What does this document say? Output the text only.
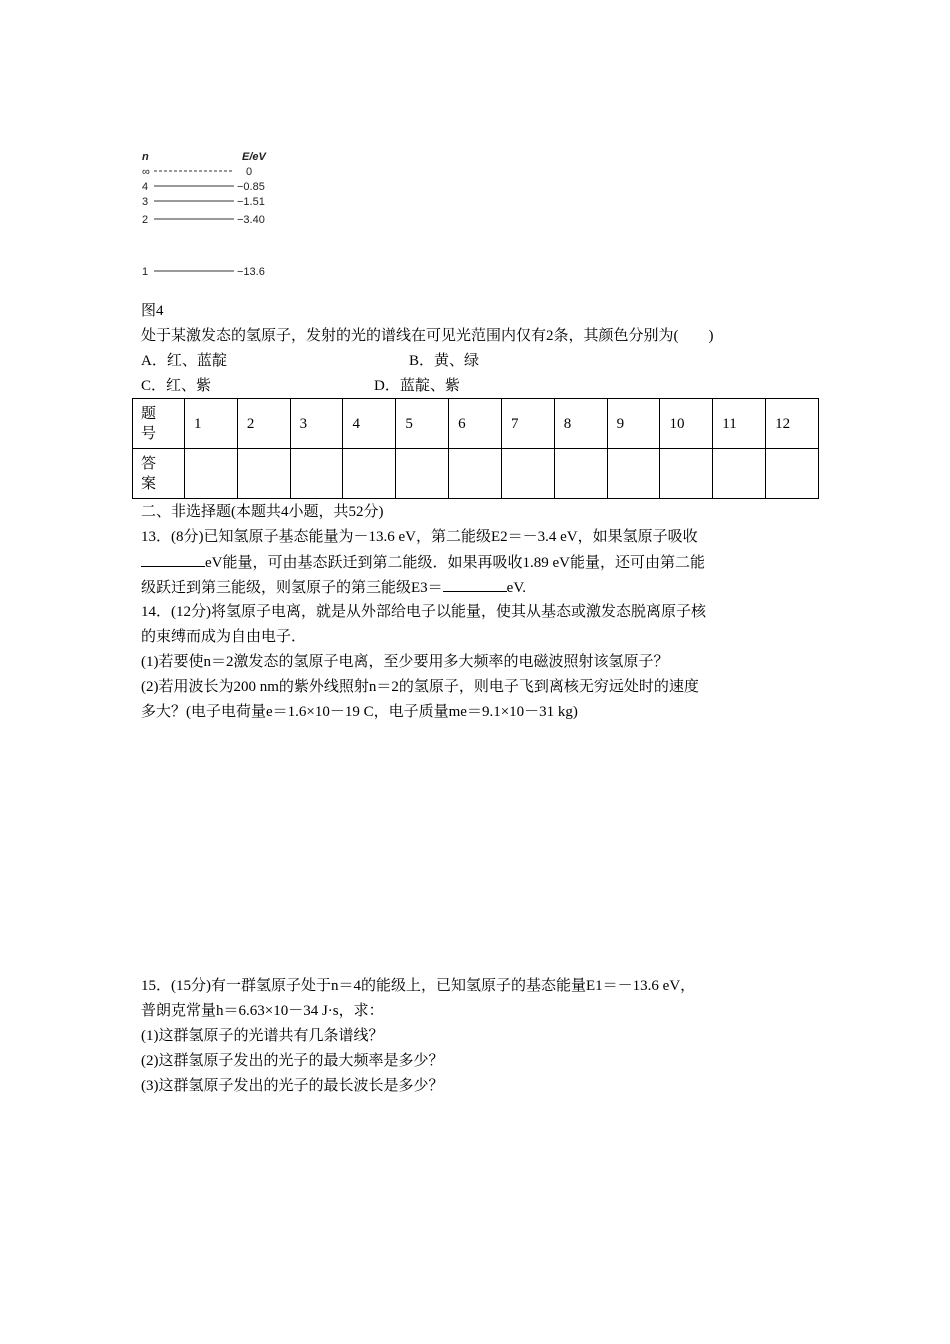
n	E/eV
∞	0
4	−0.85
3	−1.51
2	−3.40
1	−13.6
图4
处于某激发态的氢原子，发射的光的谱线在可见光范围内仅有2条，其颜色分别为(　　)
A．红、蓝靛	B．黄、绿
C．红、紫	D．蓝靛、紫
题
号	1	2	3	4	5	6	7	8	9	10	11	12

答
案												

二、非选择题(本题共4小题，共52分)
13．(8分)已知氢原子基态能量为－13.6 eV，第二能级E2＝－3.4 eV，如果氢原子吸收
eV能量，可由基态跃迁到第二能级．如果再吸收1.89 eV能量，还可由第二能
级跃迁到第三能级，则氢原子的第三能级E3＝	eV.
14．(12分)将氢原子电离，就是从外部给电子以能量，使其从基态或激发态脱离原子核
的束缚而成为自由电子．
(1)若要使n＝2激发态的氢原子电离，至少要用多大频率的电磁波照射该氢原子？
(2)若用波长为200 nm的紫外线照射n＝2的氢原子，则电子飞到离核无穷远处时的速度
多大？(电子电荷量e＝1.6×10－19 C，电子质量me＝9.1×10－31 kg)
15．(15分)有一群氢原子处于n＝4的能级上，已知氢原子的基态能量E1＝－13.6 eV，
普朗克常量h＝6.63×10－34 J·s，求：
(1)这群氢原子的光谱共有几条谱线？
(2)这群氢原子发出的光子的最大频率是多少？
(3)这群氢原子发出的光子的最长波长是多少？
